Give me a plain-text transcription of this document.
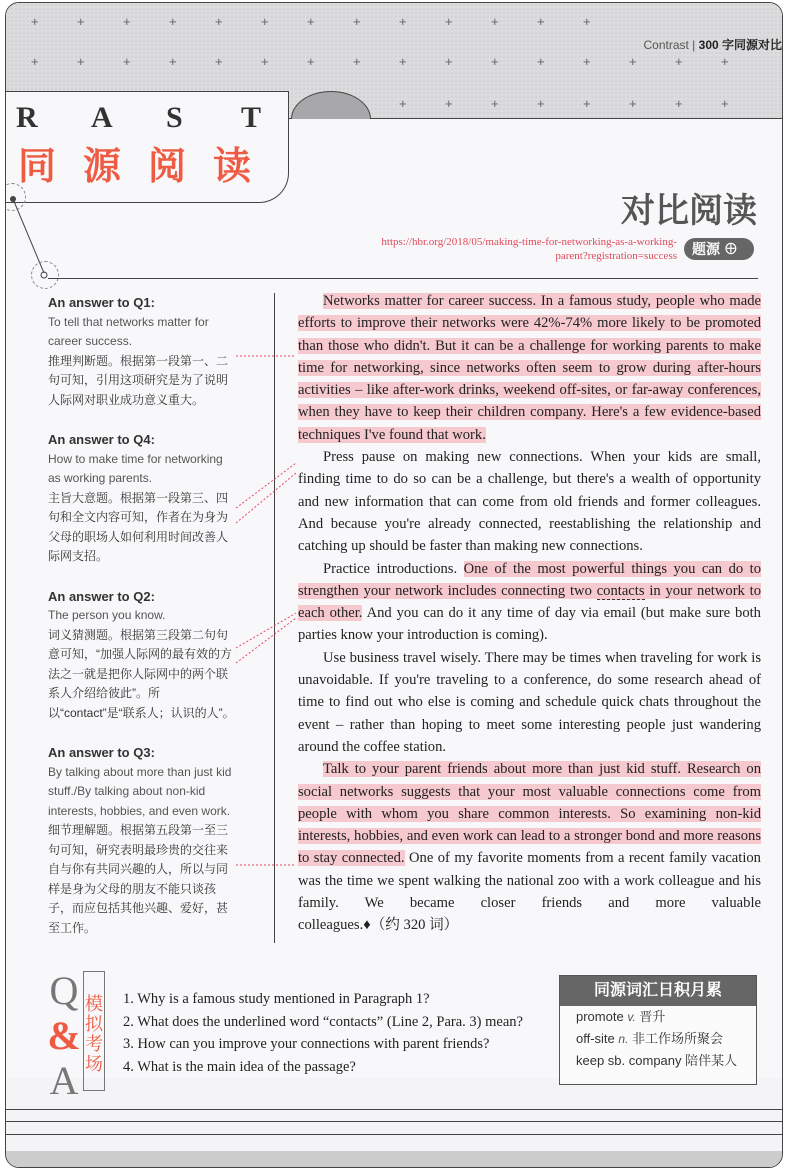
+	+	+	+	+	+	+	+	+	+	+	+	+
+	+	+	+	+	+	+	+	+	+	+	+	+	+	+	+
+	+	+	+	+	+	+	+
Contrast | 300 字同源对比
R A S T
同 源 阅 读
对比阅读
https://hbr.org/2018/05/making-time-for-networking-as-a-working-
parent?registration=success	题源 ⊕
An answer to Q1:
To tell that networks matter for career success.
推理判断题。根据第一段第一、二句可知，引用这项研究是为了说明人际网对职业成功意义重大。
An answer to Q4:
How to make time for networking as working parents.
主旨大意题。根据第一段第三、四句和全文内容可知，作者在为身为父母的职场人如何利用时间改善人际网支招。
An answer to Q2:
The person you know.
词义猜测题。根据第三段第二句句意可知，“加强人际网的最有效的方法之一就是把你人际网中的两个联系人介绍给彼此”。所以“contact”是“联系人；认识的人”。
An answer to Q3:
By talking about more than just kid stuff./By talking about non-kid interests, hobbies, and even work.
细节理解题。根据第五段第一至三句可知，研究表明最珍贵的交往来自与你有共同兴趣的人，所以与同样是身为父母的朋友不能只谈孩子，而应包括其他兴趣、爱好，甚至工作。

Networks matter for career success. In a famous study, people who made efforts to improve their networks were 42%-74% more likely to be promoted than those who didn't. But it can be a challenge for working parents to make time for networking, since networks often seem to grow during after-hours activities – like after-work drinks, weekend off-sites, or far-away conferences, when they have to keep their children company. Here's a few evidence-based techniques I've found that work.

Press pause on making new connections. When your kids are small, finding time to do so can be a challenge, but there's a wealth of opportunity and new information that can come from old friends and former colleagues. And because you're already connected, reestablishing the relationship and catching up should be faster than making new connections.

Practice introductions. One of the most powerful things you can do to strengthen your network includes connecting two contacts in your network to each other. And you can do it any time of day via email (but make sure both parties know your introduction is coming).

Use business travel wisely. There may be times when traveling for work is unavoidable. If you're traveling to a conference, do some research ahead of time to find out who else is coming and schedule quick chats throughout the event – rather than hoping to meet some interesting people just wandering around the coffee station.

Talk to your parent friends about more than just kid stuff. Research on social networks suggests that your most valuable connections come from people with whom you share common interests. So examining non-kid interests, hobbies, and even work can lead to a stronger bond and more reasons to stay connected. One of my favorite moments from a recent family vacation was the time we spent walking the national zoo with a work colleague and his family. We became closer friends and more valuable colleagues.♦（约 320 词）

Q
&
A
模拟考场
1. Why is a famous study mentioned in Paragraph 1?
2. What does the underlined word “contacts” (Line 2, Para. 3) mean?
3. How can you improve your connections with parent friends?
4. What is the main idea of the passage?
同源词汇日积月累
promote v. 晋升
off-site n. 非工作场所聚会
keep sb. company 陪伴某人
